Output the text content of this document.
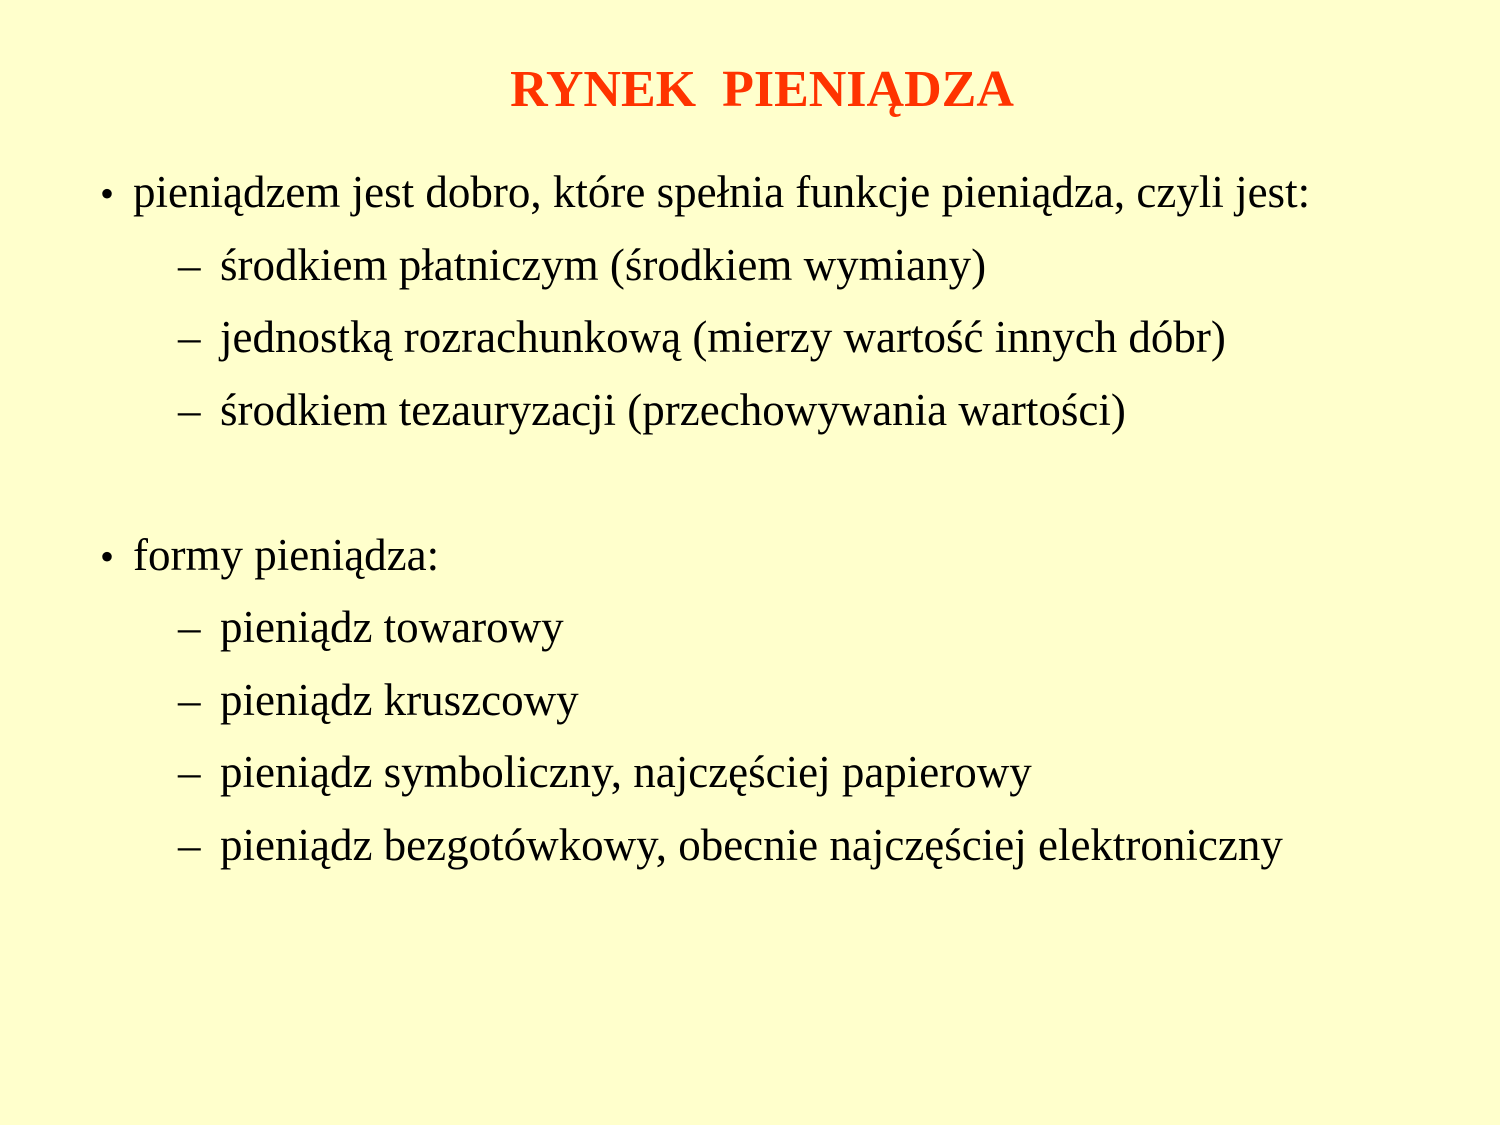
RYNEK  PIENIĄDZA
• pieniądzem jest dobro, które spełnia funkcje pieniądza, czyli jest:
– środkiem płatniczym (środkiem wymiany)
– jednostką rozrachunkową (mierzy wartość innych dóbr)
– środkiem tezauryzacji (przechowywania wartości)
• formy pieniądza:
– pieniądz towarowy
– pieniądz kruszcowy
– pieniądz symboliczny, najczęściej papierowy
– pieniądz bezgotówkowy, obecnie najczęściej elektroniczny
